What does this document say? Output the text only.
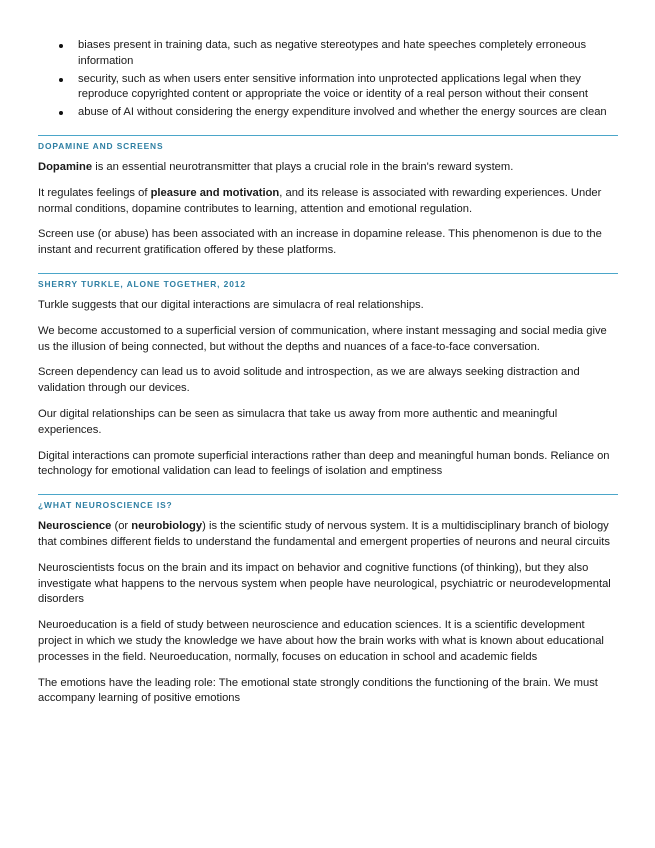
biases present in training data, such as negative stereotypes and hate speeches completely erroneous information
security, such as when users enter sensitive information into unprotected applications legal when they reproduce copyrighted content or appropriate the voice or identity of a real person without their consent
abuse of AI without considering the energy expenditure involved and whether the energy sources are clean
DOPAMINE AND SCREENS

Dopamine is an essential neurotransmitter that plays a crucial role in the brain's reward system.

It regulates feelings of pleasure and motivation, and its release is associated with rewarding experiences. Under normal conditions, dopamine contributes to learning, attention and emotional regulation.

Screen use (or abuse) has been associated with an increase in dopamine release. This phenomenon is due to the instant and recurrent gratification offered by these platforms.

SHERRY TURKLE, ALONE TOGETHER, 2012

Turkle suggests that our digital interactions are simulacra of real relationships.

We become accustomed to a superficial version of communication, where instant messaging and social media give us the illusion of being connected, but without the depths and nuances of a face-to-face conversation.

Screen dependency can lead us to avoid solitude and introspection, as we are always seeking distraction and validation through our devices.

Our digital relationships can be seen as simulacra that take us away from more authentic and meaningful experiences.

Digital interactions can promote superficial interactions rather than deep and meaningful human bonds. Reliance on technology for emotional validation can lead to feelings of isolation and emptiness

¿WHAT NEUROSCIENCE IS?

Neuroscience (or neurobiology) is the scientific study of nervous system. It is a multidisciplinary branch of biology that combines different fields to understand the fundamental and emergent properties of neurons and neural circuits

Neuroscientists focus on the brain and its impact on behavior and cognitive functions (of thinking), but they also investigate what happens to the nervous system when people have neurological, psychiatric or neurodevelopmental disorders

Neuroeducation is a field of study between neuroscience and education sciences. It is a scientific development project in which we study the knowledge we have about how the brain works with what is known about educational processes in the field. Neuroeducation, normally, focuses on education in school and academic fields

The emotions have the leading role: The emotional state strongly conditions the functioning of the brain. We must accompany learning of positive emotions
